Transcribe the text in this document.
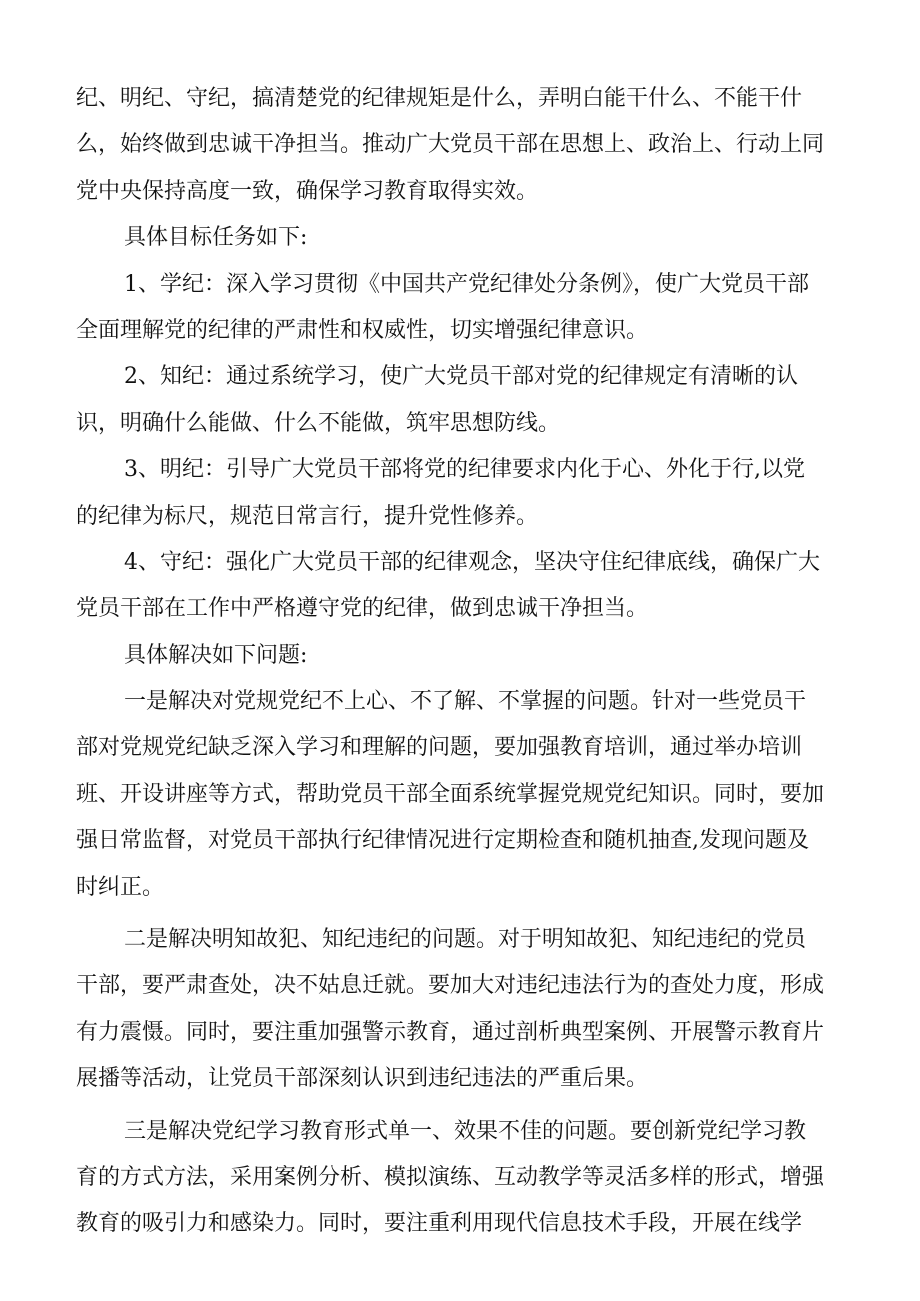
纪、明纪、守纪，搞清楚党的纪律规矩是什么，弄明白能干什么、不能干什
么，始终做到忠诚干净担当。推动广大党员干部在思想上、政治上、行动上同
党中央保持高度一致，确保学习教育取得实效。
具体目标任务如下:
1、学纪：深入学习贯彻《中国共产党纪律处分条例》，使广大党员干部
全面理解党的纪律的严肃性和权威性，切实增强纪律意识。
2、知纪：通过系统学习，使广大党员干部对党的纪律规定有清晰的认
识，明确什么能做、什么不能做，筑牢思想防线。
3、明纪：引导广大党员干部将党的纪律要求内化于心、外化于行,以党
的纪律为标尺，规范日常言行，提升党性修养。
4、守纪：强化广大党员干部的纪律观念，坚决守住纪律底线，确保广大
党员干部在工作中严格遵守党的纪律，做到忠诚干净担当。
具体解决如下问题:
一是解决对党规党纪不上心、不了解、不掌握的问题。针对一些党员干
部对党规党纪缺乏深入学习和理解的问题，要加强教育培训，通过举办培训
班、开设讲座等方式，帮助党员干部全面系统掌握党规党纪知识。同时，要加
强日常监督，对党员干部执行纪律情况进行定期检查和随机抽查,发现问题及
时纠正。
二是解决明知故犯、知纪违纪的问题。对于明知故犯、知纪违纪的党员
干部，要严肃查处，决不姑息迁就。要加大对违纪违法行为的查处力度，形成
有力震慑。同时，要注重加强警示教育，通过剖析典型案例、开展警示教育片
展播等活动，让党员干部深刻认识到违纪违法的严重后果。
三是解决党纪学习教育形式单一、效果不佳的问题。要创新党纪学习教
育的方式方法，采用案例分析、模拟演练、互动教学等灵活多样的形式，增强
教育的吸引力和感染力。同时，要注重利用现代信息技术手段，开展在线学
